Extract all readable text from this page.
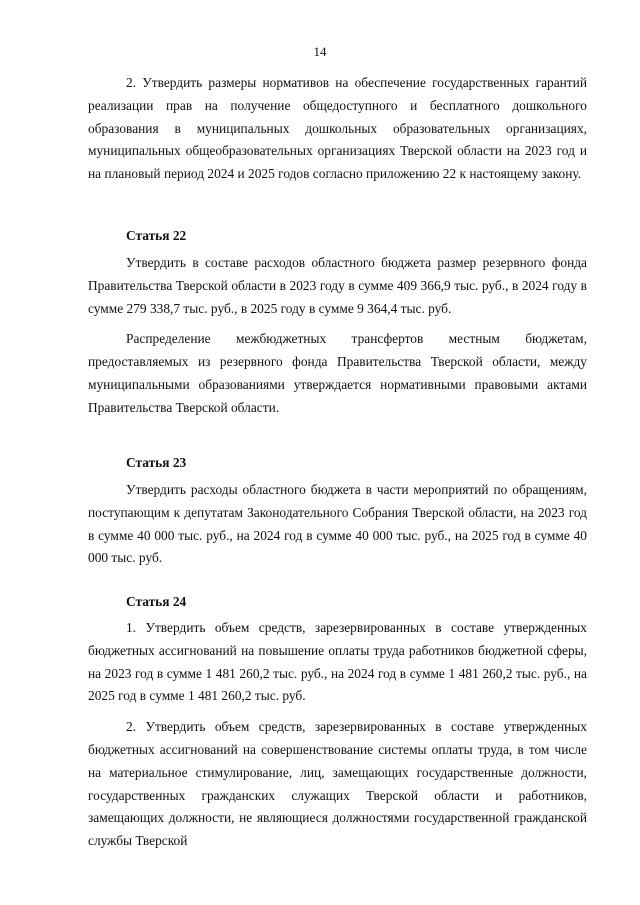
14

2. Утвердить размеры нормативов на обеспечение государственных гарантий реализации прав на получение общедоступного и бесплатного дошкольного образования в муниципальных дошкольных образовательных организациях, муниципальных общеобразовательных организациях Тверской области на 2023 год и на плановый период 2024 и 2025 годов согласно приложению 22 к настоящему закону.

Статья 22

Утвердить в составе расходов областного бюджета размер резервного фонда Правительства Тверской области в 2023 году в сумме 409 366,9 тыс. руб., в 2024 году в сумме 279 338,7 тыс. руб., в 2025 году в сумме 9 364,4 тыс. руб.

Распределение межбюджетных трансфертов местным бюджетам, предоставляемых из резервного фонда Правительства Тверской области, между муниципальными образованиями утверждается нормативными правовыми актами Правительства Тверской области.

Статья 23

Утвердить расходы областного бюджета в части мероприятий по обращениям, поступающим к депутатам Законодательного Собрания Тверской области, на 2023 год в сумме 40 000 тыс. руб., на 2024 год в сумме 40 000 тыс. руб., на 2025 год в сумме 40 000 тыс. руб.

Статья 24

1. Утвердить объем средств, зарезервированных в составе утвержденных бюджетных ассигнований на повышение оплаты труда работников бюджетной сферы, на 2023 год в сумме 1 481 260,2 тыс. руб., на 2024 год в сумме 1 481 260,2 тыс. руб., на 2025 год в сумме 1 481 260,2 тыс. руб.

2. Утвердить объем средств, зарезервированных в составе утвержденных бюджетных ассигнований на совершенствование системы оплаты труда, в том числе на материальное стимулирование, лиц, замещающих государственные должности, государственных гражданских служащих Тверской области и работников, замещающих должности, не являющиеся должностями государственной гражданской службы Тверской
